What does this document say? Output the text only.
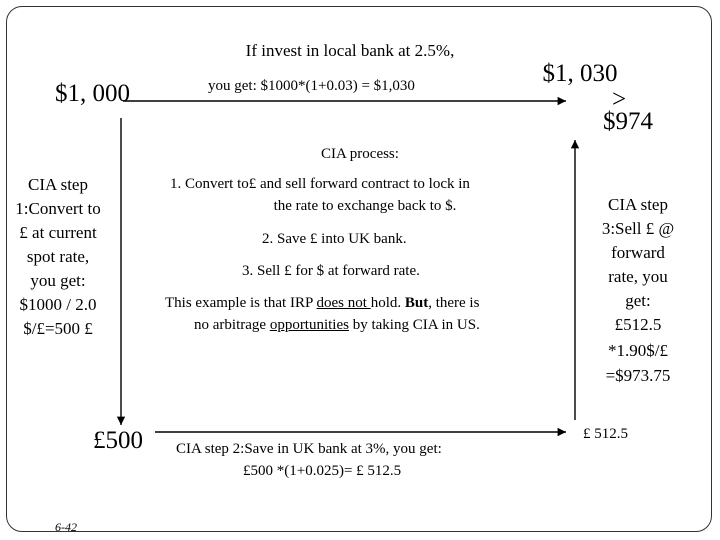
If invest in local bank at 2.5%,
you get: $1000*(1+0.03) = $1,030
$1, 000
$1, 030
>
$974
£500	£ 512.5
CIA process:
1. Convert to£ and sell forward contract to lock in
the rate to exchange back to $.
2. Save £ into UK bank.
3. Sell £ for $ at forward rate.
This example is that IRP does not hold. But, there is
no arbitrage opportunities by taking CIA in US.
CIA step
1:Convert to
£ at current
spot rate,
you get:
$1000 / 2.0
$/£=500 £
CIA step
3:Sell £ @
forward
rate, you
get:
£512.5
*1.90$/£
=$973.75
CIA step 2:Save in UK bank at 3%, you get:
£500 *(1+0.025)= £ 512.5
6-42
